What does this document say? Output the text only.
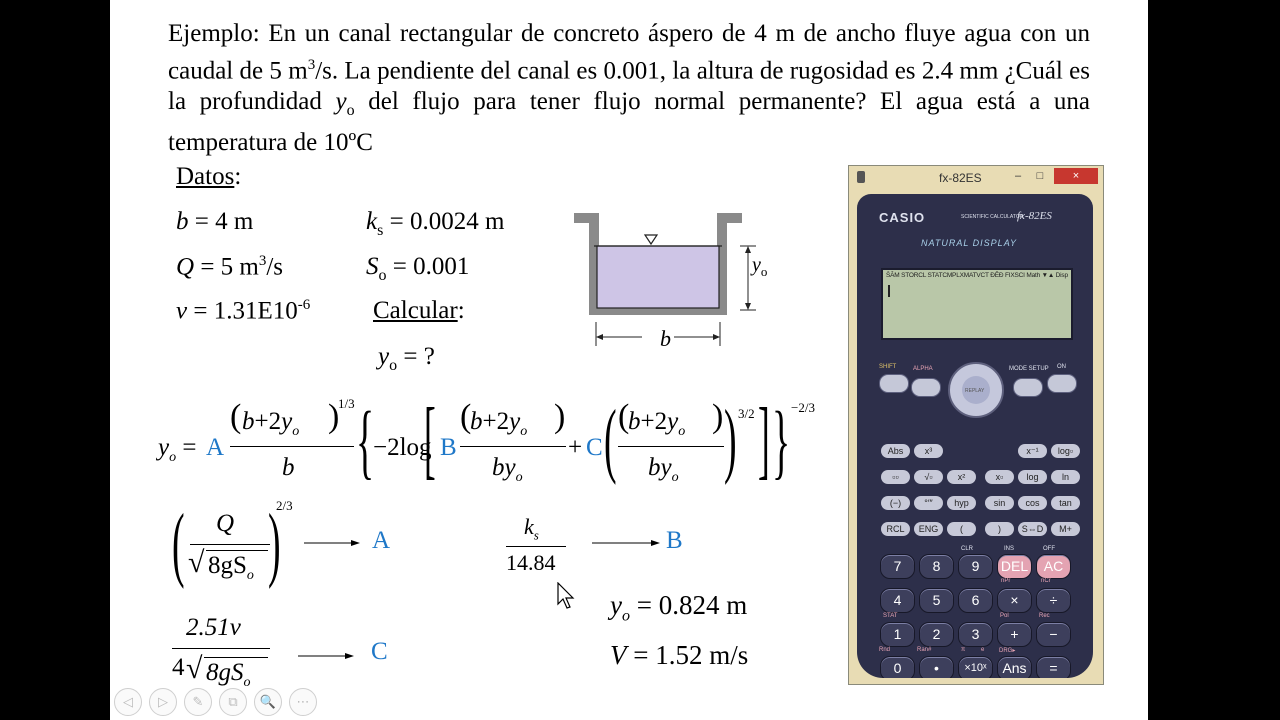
Ejemplo: En un canal rectangular de concreto áspero de 4 m de ancho fluye agua con un caudal de 5 $m^3/s$. La pendiente del canal es 0.001, la altura de rugosidad es 2.4 mm ¿Cuál es la profundidad $y_o$ del flujo para tener flujo normal permanente? El agua está a una temperatura de 10ºC
Datos:
b = 4 m	$k_s = 0.0024$ m
Q = 5 $m^3/s$	$S_o = 0.001$
$\nu = 1.31E10^{-6}$	Calcular:
$y_o$ = ?
$y_o$
b
$y_o = A$
( $b+2y_o$ )
1/3
b {
−2log
[ B
(
$b+2y_o$ )
$by_o$
+ C ( (
$b+2y_o$ )
$by_o$ ) 3/2 ] } −2/3
( Q
√ $8gS_o$ )
2/3
A
$k_s$
14.84
B
2.51ν
4 √ $8gS_o$
C
$y_o = 0.824$ m
V = 1.52 m/s
fx-82ES	–	□	×
CASIO	SCIENTIFIC CALCULATOR
fx-82ES
NATURAL DISPLAY
S̄ĀM STORCL STATCMPLXMATVCT ĐĒĐ FIXSCI Math ▼▲ Disp
SHIFT	ALPHA	MODE SETUP ON
REPLAY
Abs	x³	x⁻¹	log▫
▫▫	√▫	x²	x▫	log	ln
(−)	°′″	hyp	sin	cos	tan
RCL	ENG	(	)	S⇔D	M+
7	8	9	DEL	AC
4	5	6	×	÷
1	2	3	+	−
0	•	×10ˣ	Ans	=
CLR	INS	OFF
nPr	nCr
STAT	Pol	Rec
Rnd	Ran#	π	e DRG▸
◁	▷	✎	⧉	🔍	⋯
